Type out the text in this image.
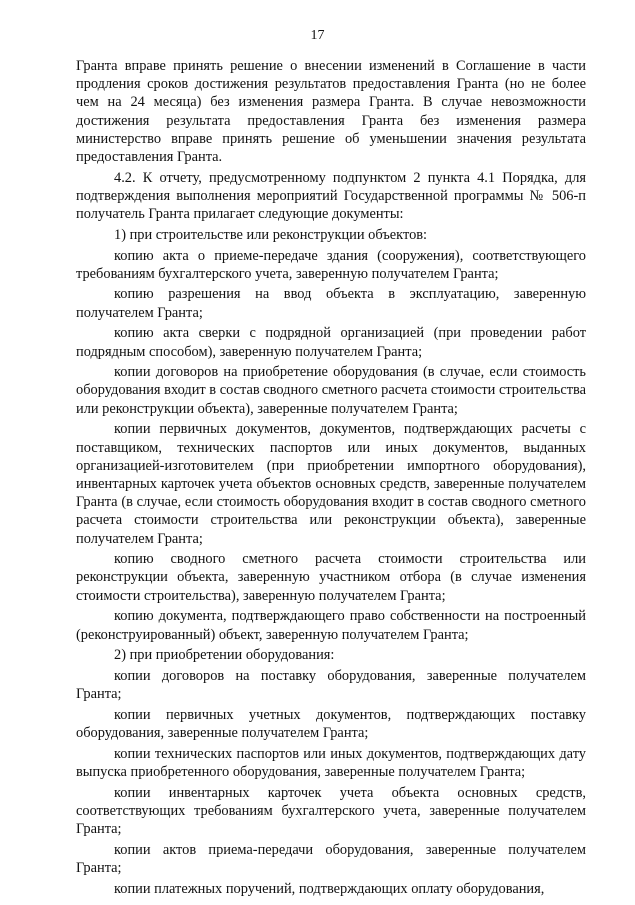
17

Гранта вправе принять решение о внесении изменений в Соглашение в части продления сроков достижения результатов предоставления Гранта (но не более чем на 24 месяца) без изменения размера Гранта. В случае невозможности достижения результата предоставления Гранта без изменения размера министерство вправе принять решение об уменьшении значения результата предоставления Гранта.

4.2. К отчету, предусмотренному подпунктом 2 пункта 4.1 Порядка, для подтверждения выполнения мероприятий Государственной программы № 506-п получатель Гранта прилагает следующие документы:

1) при строительстве или реконструкции объектов:

копию акта о приеме-передаче здания (сооружения), соответствующего требованиям бухгалтерского учета, заверенную получателем Гранта;

копию разрешения на ввод объекта в эксплуатацию, заверенную получателем Гранта;

копию акта сверки с подрядной организацией (при проведении работ подрядным способом), заверенную получателем Гранта;

копии договоров на приобретение оборудования (в случае, если стоимость оборудования входит в состав сводного сметного расчета стоимости строительства или реконструкции объекта), заверенные получателем Гранта;

копии первичных документов, документов, подтверждающих расчеты с поставщиком, технических паспортов или иных документов, выданных организацией-изготовителем (при приобретении импортного оборудования), инвентарных карточек учета объектов основных средств, заверенные получателем Гранта (в случае, если стоимость оборудования входит в состав сводного сметного расчета стоимости строительства или реконструкции объекта), заверенные получателем Гранта;

копию сводного сметного расчета стоимости строительства или реконструкции объекта, заверенную участником отбора (в случае изменения стоимости строительства), заверенную получателем Гранта;

копию документа, подтверждающего право собственности на построенный (реконструированный) объект, заверенную получателем Гранта;

2) при приобретении оборудования:

копии договоров на поставку оборудования, заверенные получателем Гранта;

копии первичных учетных документов, подтверждающих поставку оборудования, заверенные получателем Гранта;

копии технических паспортов или иных документов, подтверждающих дату выпуска приобретенного оборудования, заверенные получателем Гранта;

копии инвентарных карточек учета объекта основных средств, соответствующих требованиям бухгалтерского учета, заверенные получателем Гранта;

копии актов приема-передачи оборудования, заверенные получателем Гранта;

копии платежных поручений, подтверждающих оплату оборудования,
